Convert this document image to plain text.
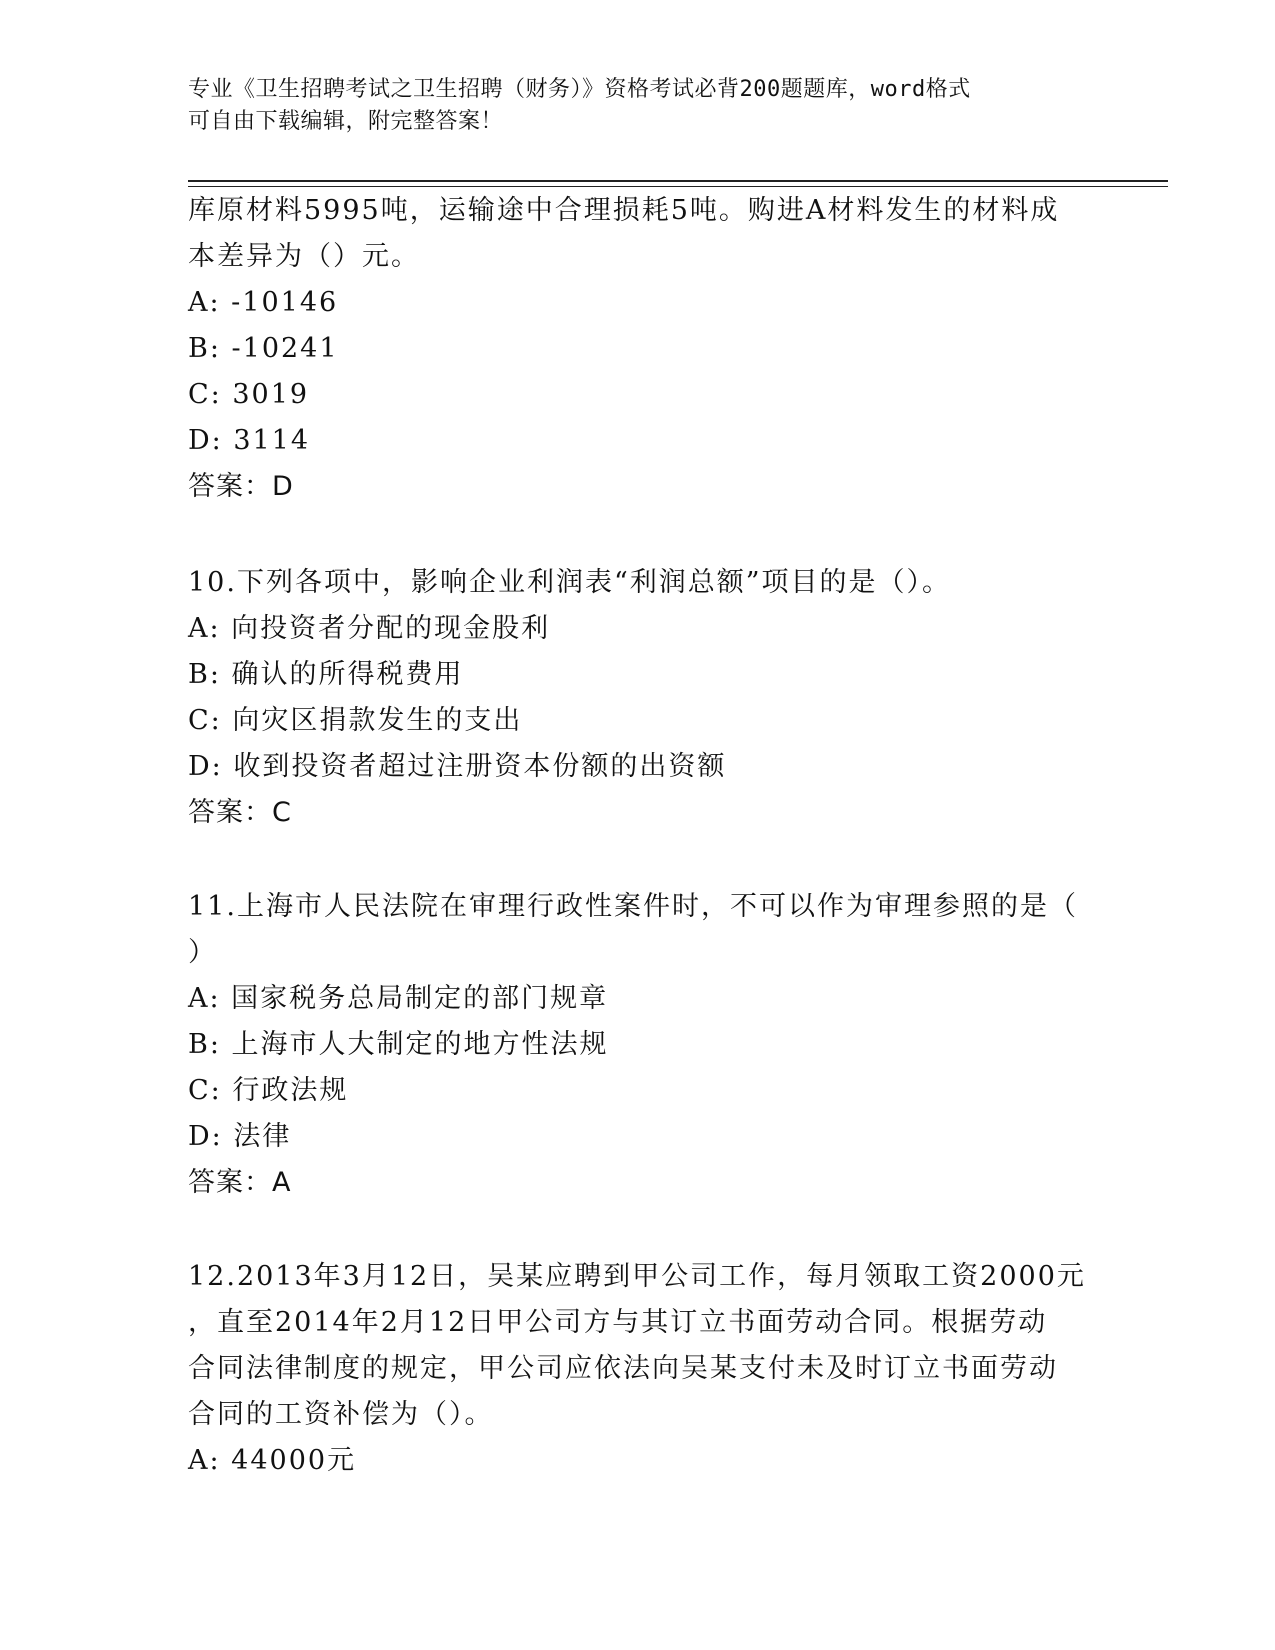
专业《卫生招聘考试之卫生招聘（财务）》资格考试必背200题题库，word格式
可自由下载编辑，附完整答案！
库原材料5995吨，运输途中合理损耗5吨。购进A材料发生的材料成
本差异为（）元。
A: -10146
B: -10241
C: 3019
D: 3114
答案：D
10.下列各项中，影响企业利润表“利润总额”项目的是（）。
A: 向投资者分配的现金股利
B: 确认的所得税费用
C: 向灾区捐款发生的支出
D: 收到投资者超过注册资本份额的出资额
答案：C
11.上海市人民法院在审理行政性案件时，不可以作为审理参照的是（
）
A: 国家税务总局制定的部门规章
B: 上海市人大制定的地方性法规
C: 行政法规
D: 法律
答案：A
12.2013年3月12日，吴某应聘到甲公司工作，每月领取工资2000元
，直至2014年2月12日甲公司方与其订立书面劳动合同。根据劳动
合同法律制度的规定，甲公司应依法向吴某支付未及时订立书面劳动
合同的工资补偿为（）。
A: 44000元
